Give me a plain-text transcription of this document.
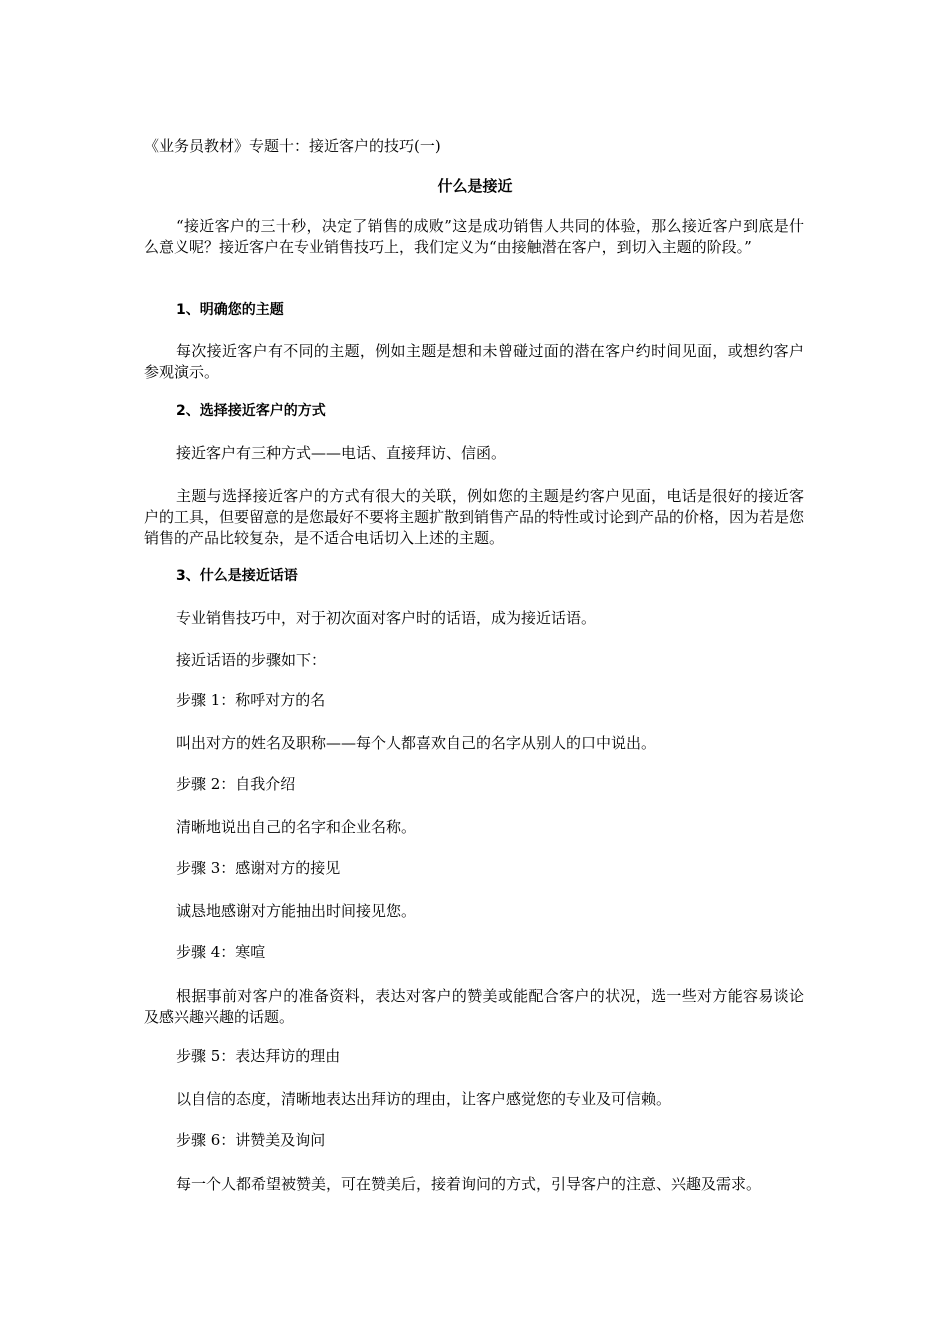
《业务员教材》专题十：接近客户的技巧(一)
什么是接近

“接近客户的三十秒，决定了销售的成败”这是成功销售人共同的体验，那么接近客户到底是什么意义呢？接近客户在专业销售技巧上，我们定义为“由接触潜在客户，到切入主题的阶段。”

1、明确您的主题

每次接近客户有不同的主题，例如主题是想和未曾碰过面的潜在客户约时间见面，或想约客户参观演示。

2、选择接近客户的方式
接近客户有三种方式——电话、直接拜访、信函。

主题与选择接近客户的方式有很大的关联，例如您的主题是约客户见面，电话是很好的接近客户的工具，但要留意的是您最好不要将主题扩散到销售产品的特性或讨论到产品的价格，因为若是您销售的产品比较复杂，是不适合电话切入上述的主题。

3、什么是接近话语
专业销售技巧中，对于初次面对客户时的话语，成为接近话语。
接近话语的步骤如下：
步骤 1：称呼对方的名
叫出对方的姓名及职称——每个人都喜欢自己的名字从别人的口中说出。
步骤 2：自我介绍
清晰地说出自己的名字和企业名称。
步骤 3：感谢对方的接见
诚恳地感谢对方能抽出时间接见您。
步骤 4：寒喧

根据事前对客户的准备资料，表达对客户的赞美或能配合客户的状况，选一些对方能容易谈论及感兴趣兴趣的话题。

步骤 5：表达拜访的理由
以自信的态度，清晰地表达出拜访的理由，让客户感觉您的专业及可信赖。
步骤 6：讲赞美及询问

每一个人都希望被赞美，可在赞美后，接着询问的方式，引导客户的注意、兴趣及需求。
